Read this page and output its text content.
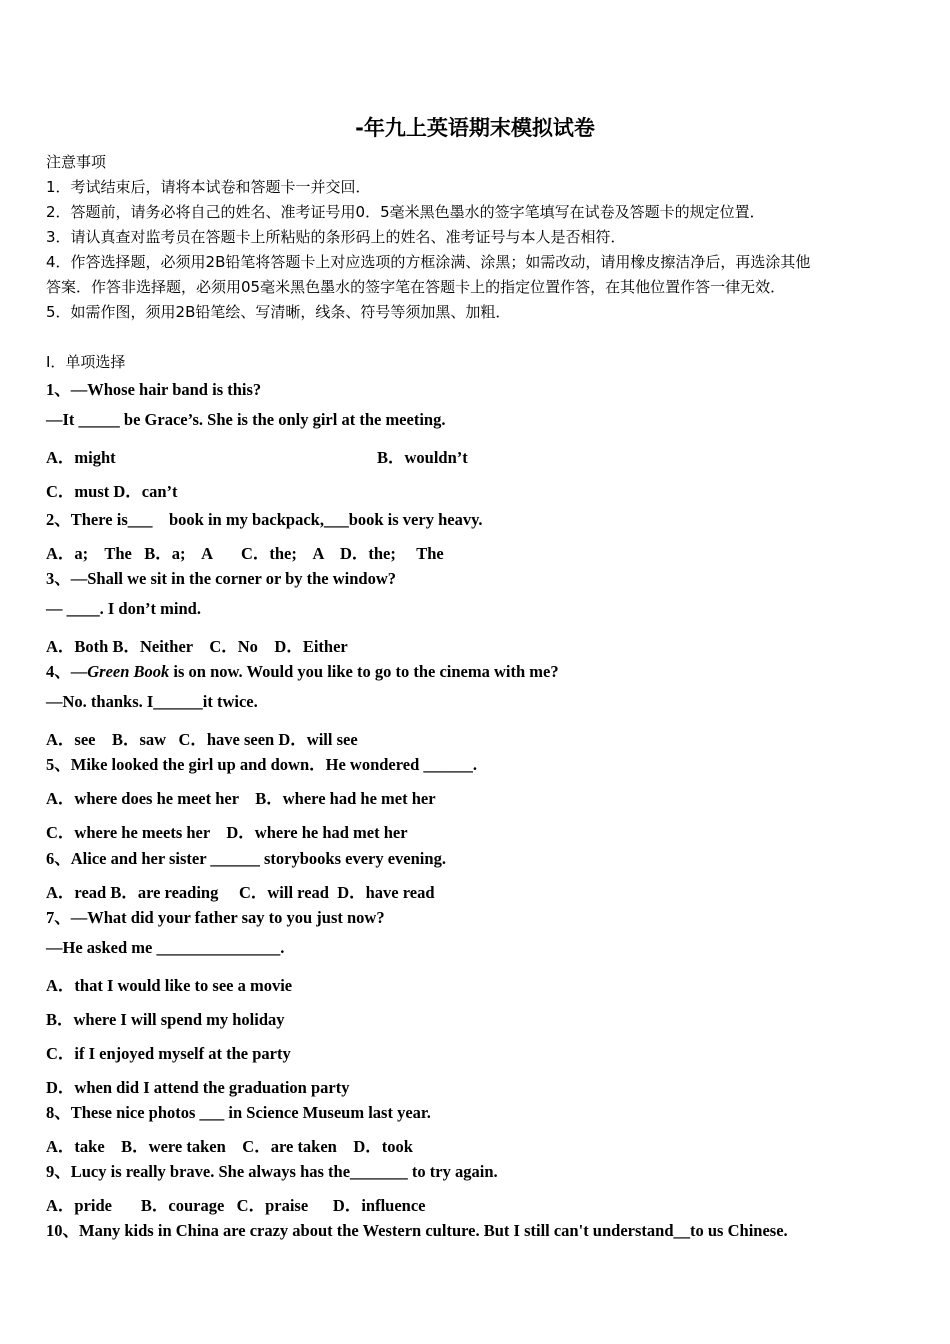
-年九上英语期末模拟试卷
注意事项
1．考试结束后，请将本试卷和答题卡一并交回．
2．答题前，请务必将自己的姓名、准考证号用0．5毫米黑色墨水的签字笔填写在试卷及答题卡的规定位置．
3．请认真查对监考员在答题卡上所粘贴的条形码上的姓名、准考证号与本人是否相符．
4．作答选择题，必须用2B铅笔将答题卡上对应选项的方框涂满、涂黑；如需改动，请用橡皮擦洁净后，再选涂其他
答案．作答非选择题，必须用05毫米黑色墨水的签字笔在答题卡上的指定位置作答，在其他位置作答一律无效．
5．如需作图，须用2B铅笔绘、写清晰，线条、符号等须加黑、加粗．
Ⅰ．单项选择
1、—Whose hair band is this?
—It _____ be Grace’s. She is the only girl at the meeting.
A．might	B．wouldn’t
C．must D．can’t
2、There is___    book in my backpack,___book is very heavy.
A．a;    The   B．a;    A       C．the;    A    D．the;     The
3、—Shall we sit in the corner or by the window?
— ____. I don’t mind.
A．Both B．Neither    C．No    D．Either
4、—Green Book is on now. Would you like to go to the cinema with me?
—No. thanks. I______it twice.
A．see    B．saw   C．have seen D．will see
5、Mike looked the girl up and down．He wondered ______.
A．where does he meet her    B．where had he met her
C．where he meets her    D．where he had met her
6、Alice and her sister ______ storybooks every evening.
A．read B．are reading     C．will read  D．have read
7、—What did your father say to you just now?
—He asked me _______________.
A．that I would like to see a movie
B．where I will spend my holiday
C．if I enjoyed myself at the party
D．when did I attend the graduation party
8、These nice photos ___ in Science Museum last year.
A．take    B．were taken    C．are taken    D．took
9、Lucy is really brave. She always has the_______ to try again.
A．pride       B．courage   C．praise      D．influence
10、Many kids in China are crazy about the Western culture. But I still can't understand__to us Chinese.
